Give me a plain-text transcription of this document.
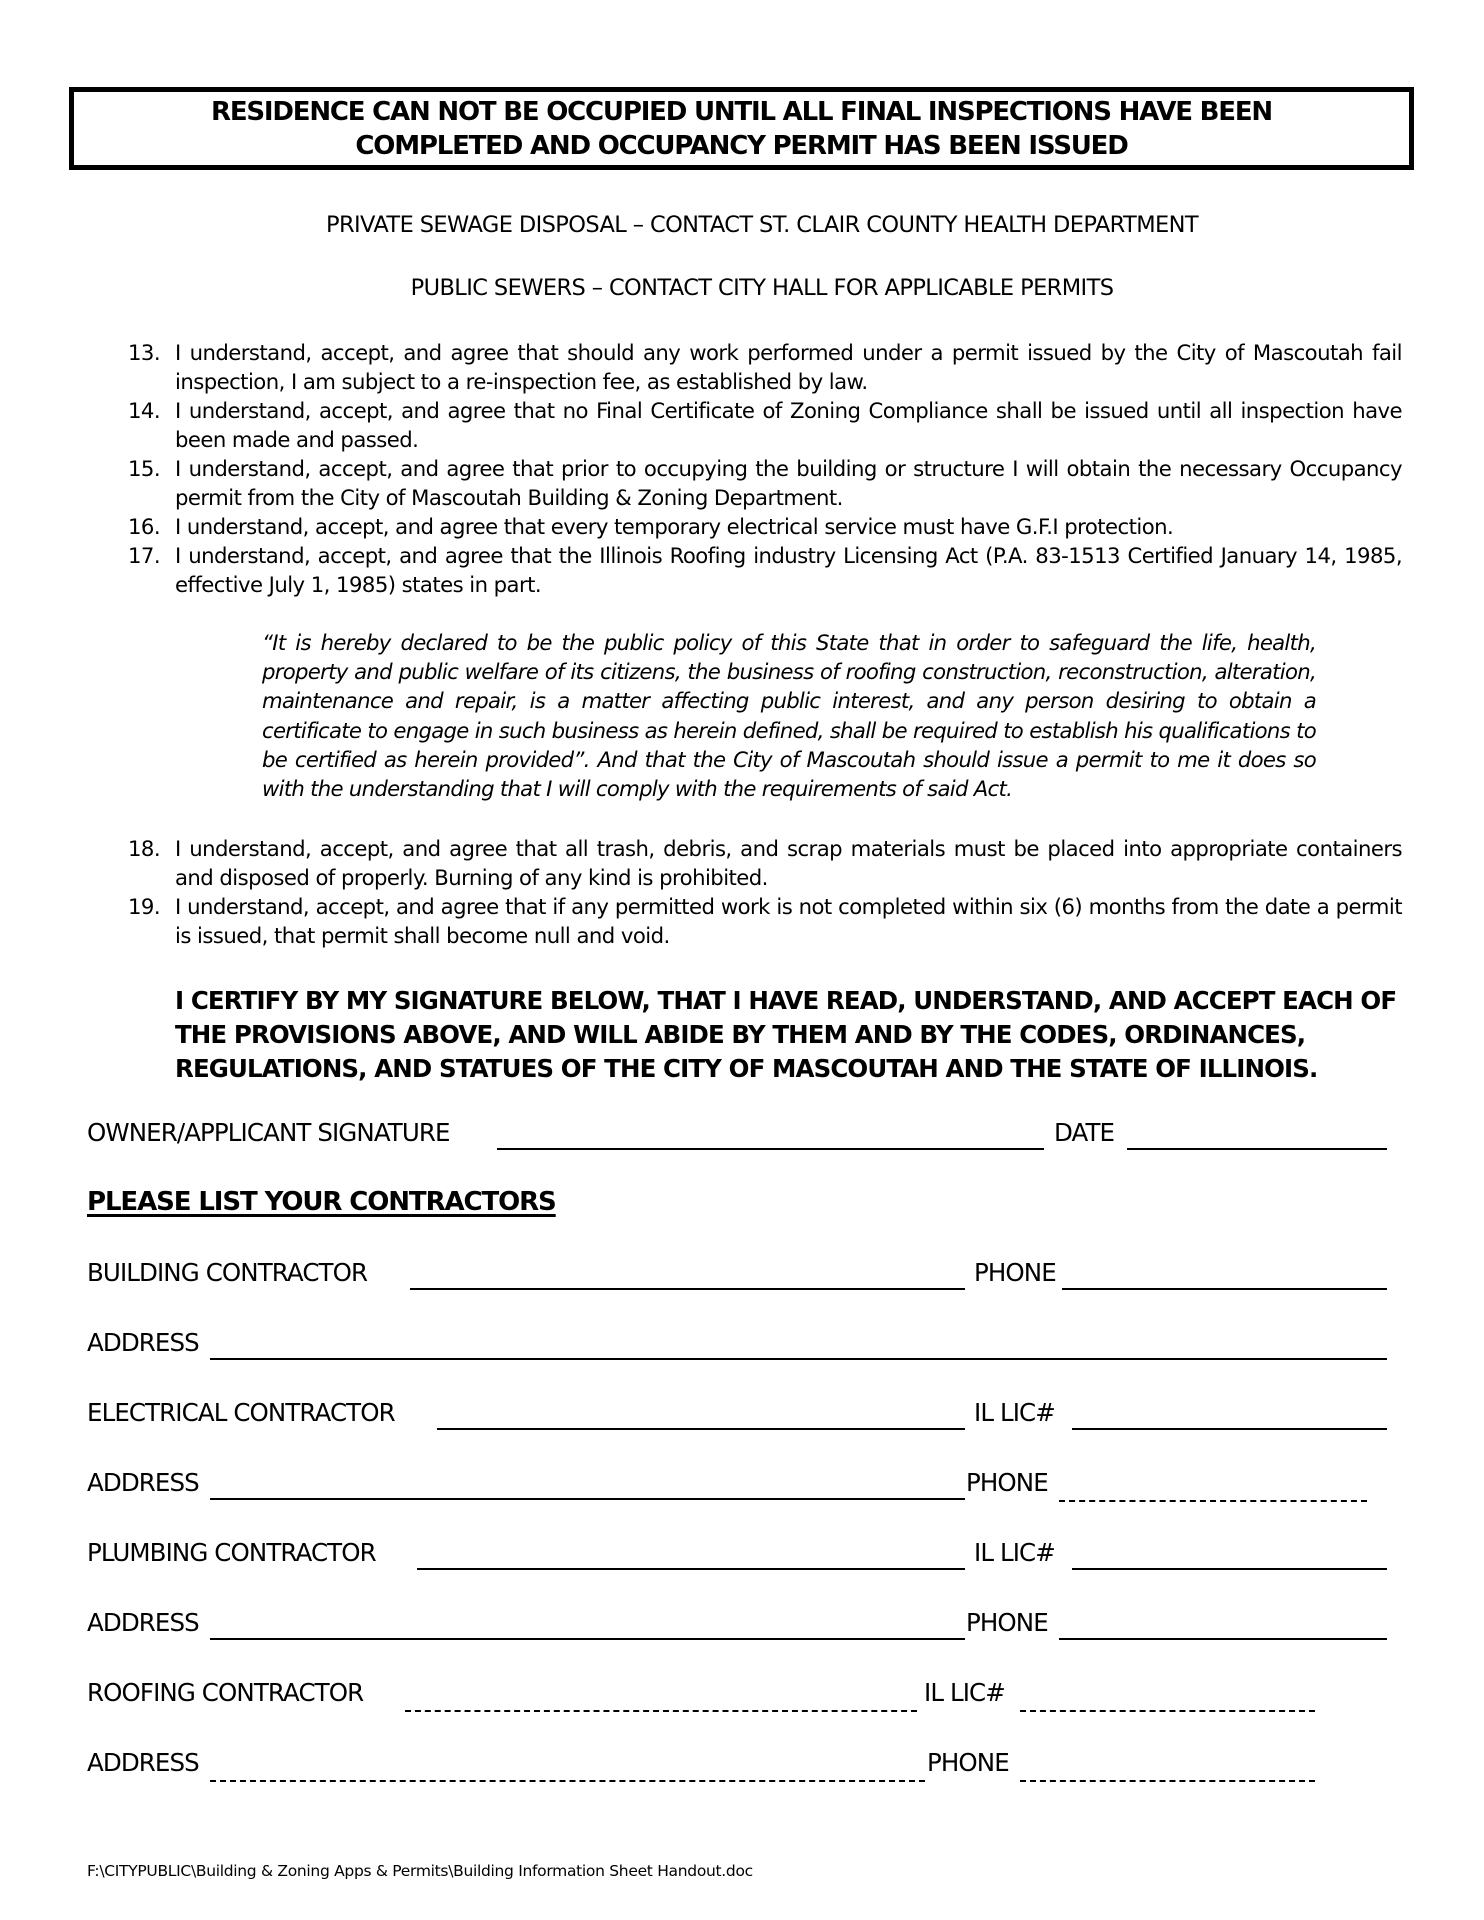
RESIDENCE CAN NOT BE OCCUPIED UNTIL ALL FINAL INSPECTIONS HAVE BEEN
COMPLETED AND OCCUPANCY PERMIT HAS BEEN ISSUED
PRIVATE SEWAGE DISPOSAL – CONTACT ST. CLAIR COUNTY HEALTH DEPARTMENT
PUBLIC SEWERS – CONTACT CITY HALL FOR APPLICABLE PERMITS
13. I understand, accept, and agree that should any work performed under a permit issued by the City of Mascoutah fail inspection, I am subject to a re-inspection fee, as established by law.
14. I understand, accept, and agree that no Final Certificate of Zoning Compliance shall be issued until all inspection have been made and passed.
15. I understand, accept, and agree that prior to occupying the building or structure I will obtain the necessary Occupancy permit from the City of Mascoutah Building & Zoning Department.
16. I understand, accept, and agree that every temporary electrical service must have G.F.I protection.
17. I understand, accept, and agree that the Illinois Roofing industry Licensing Act (P.A. 83-1513 Certified January 14, 1985, effective July 1, 1985) states in part.
“It is hereby declared to be the public policy of this State that in order to safeguard the life, health, property and public welfare of its citizens, the business of roofing construction, reconstruction, alteration, maintenance and repair, is a matter affecting public interest, and any person desiring to obtain a certificate to engage in such business as herein defined, shall be required to establish his qualifications to be certified as herein provided”. And that the City of Mascoutah should issue a permit to me it does so with the understanding that I will comply with the requirements of said Act.
18. I understand, accept, and agree that all trash, debris, and scrap materials must be placed into appropriate containers and disposed of properly. Burning of any kind is prohibited.
19. I understand, accept, and agree that if any permitted work is not completed within six (6) months from the date a permit is issued, that permit shall become null and void.
I CERTIFY BY MY SIGNATURE BELOW, THAT I HAVE READ, UNDERSTAND, AND ACCEPT EACH OF THE PROVISIONS ABOVE, AND WILL ABIDE BY THEM AND BY THE CODES, ORDINANCES, REGULATIONS, AND STATUES OF THE CITY OF MASCOUTAH AND THE STATE OF ILLINOIS.
OWNER/APPLICANT SIGNATURE	DATE
PLEASE LIST YOUR CONTRACTORS
BUILDING CONTRACTOR	PHONE
ADDRESS
ELECTRICAL CONTRACTOR	IL LIC#
ADDRESS	PHONE
PLUMBING CONTRACTOR	IL LIC#
ADDRESS	PHONE
ROOFING CONTRACTOR	IL LIC#
ADDRESS	PHONE
F:\CITYPUBLIC\Building & Zoning Apps & Permits\Building Information Sheet Handout.doc
